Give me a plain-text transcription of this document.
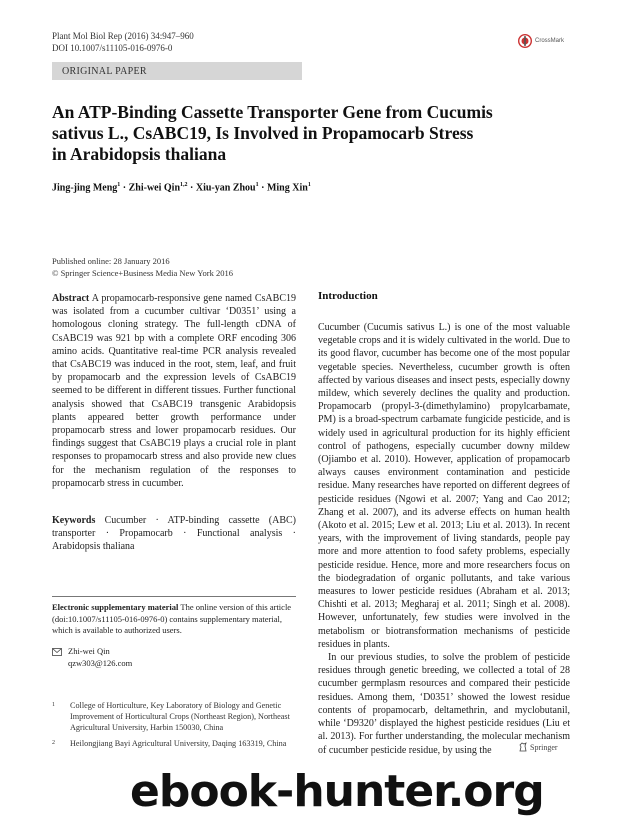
Plant Mol Biol Rep (2016) 34:947–960
DOI 10.1007/s11105-016-0976-0
CrossMark
ORIGINAL PAPER
An ATP-Binding Cassette Transporter Gene from Cucumis
sativus L., CsABC19, Is Involved in Propamocarb Stress
in Arabidopsis thaliana
Jing-jing Meng$^1$ · Zhi-wei Qin$^{1,2}$ · Xiu-yan Zhou$^1$ · Ming Xin$^1$
Published online: 28 January 2016
© Springer Science+Business Media New York 2016

Abstract A propamocarb-responsive gene named CsABC19 was isolated from a cucumber cultivar ‘D0351’ using a homologous cloning strategy. The full-length cDNA of CsABC19 was 921 bp with a complete ORF encoding 306 amino acids. Quantitative real-time PCR analysis revealed that CsABC19 was induced in the root, stem, leaf, and fruit by propamocarb and the expression levels of CsABC19 seemed to be different in different tissues. Further functional analysis showed that CsABC19 transgenic Arabidopsis plants appeared better growth performance under propamocarb stress and lower propamocarb residues. Our findings suggest that CsABC19 plays a crucial role in plant responses to propamocarb stress and also provide new clues for the mechanism regulation of the responses to propamocarb stress in cucumber.

Keywords Cucumber · ATP-binding cassette (ABC) transporter · Propamocarb · Functional analysis · Arabidopsis thaliana

Electronic supplementary material The online version of this article (doi:10.1007/s11105-016-0976-0) contains supplementary material, which is available to authorized users.

Zhi-wei Qin
qzw303@126.com
1 College of Horticulture, Key Laboratory of Biology and Genetic Improvement of Horticultural Crops (Northeast Region), Northeast Agricultural University, Harbin 150030, China
2 Heilongjiang Bayi Agricultural University, Daqing 163319, China
Introduction

Cucumber (Cucumis sativus L.) is one of the most valuable vegetable crops and it is widely cultivated in the world. Due to its good flavor, cucumber has become one of the most popular vegetable species. Nevertheless, cucumber growth is often affected by various diseases and insect pests, especially downy mildew, which severely declines the quality and production. Propamocarb (propyl-3-(dimethylamino) propylcarbamate, PM) is a broad-spectrum carbamate fungicide pesticide, and is widely used in agricultural production for its highly efficient control of pathogens, especially cucumber downy mildew (Ojiambo et al. 2010). However, application of propamocarb always causes environment contamination and pesticide residue. Many researches have reported on different degrees of pesticide residues (Ngowi et al. 2007; Yang and Cao 2012; Zhang et al. 2007), and its adverse effects on human health (Akoto et al. 2015; Lew et al. 2013; Liu et al. 2013). In recent years, with the improvement of living standards, people pay more and more attention to food safety problems, especially pesticide residue. Hence, more and more researchers focus on the biodegradation of organic pollutants, and take various measures to lower pesticide residues (Abraham et al. 2013; Chishti et al. 2013; Megharaj et al. 2011; Singh et al. 2008). However, unfortunately, few studies were involved in the metabolism or biotransformation mechanisms of pesticide residues in plants.

In our previous studies, to solve the problem of pesticide residues through genetic breeding, we collected a total of 28 cucumber germplasm resources and compared their pesticide residues. Among them, ‘D0351’ showed the lowest residue contents of propamocarb, deltamethrin, and myclobutanil, while ‘D9320’ displayed the highest pesticide residues (Liu et al. 2013). For further understanding, the molecular mechanism of cucumber pesticide residue, by using the	Springer
ebook-hunter.org
